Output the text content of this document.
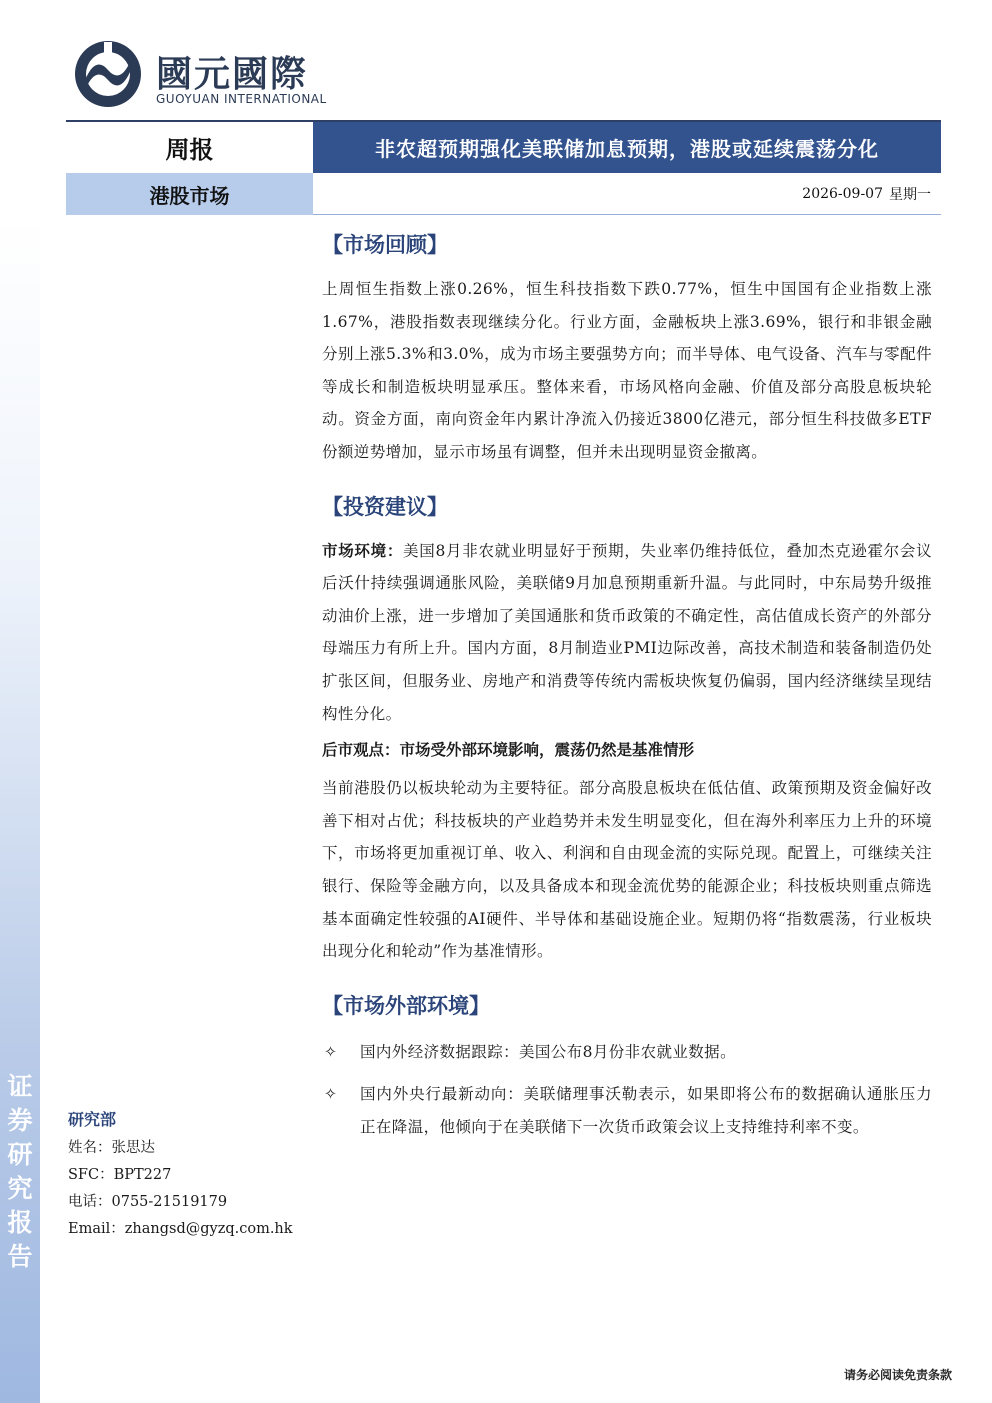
证
券
研
究
报
告
國元國際
GUOYUAN INTERNATIONAL
周报	非农超预期强化美联储加息预期，港股或延续震荡分化
港股市场	2026-09-07 星期一
【市场回顾】

上周恒生指数上涨0.26%，恒生科技指数下跌0.77%，恒生中国国有企业指数上涨1.67%，港股指数表现继续分化。行业方面，金融板块上涨3.69%，银行和非银金融分别上涨5.3%和3.0%，成为市场主要强势方向；而半导体、电气设备、汽车与零配件等成长和制造板块明显承压。整体来看，市场风格向金融、价值及部分高股息板块轮动。资金方面，南向资金年内累计净流入仍接近3800亿港元，部分恒生科技做多ETF份额逆势增加，显示市场虽有调整，但并未出现明显资金撤离。

【投资建议】

市场环境：美国8月非农就业明显好于预期，失业率仍维持低位，叠加杰克逊霍尔会议后沃什持续强调通胀风险，美联储9月加息预期重新升温。与此同时，中东局势升级推动油价上涨，进一步增加了美国通胀和货币政策的不确定性，高估值成长资产的外部分母端压力有所上升。国内方面，8月制造业PMI边际改善，高技术制造和装备制造仍处扩张区间，但服务业、房地产和消费等传统内需板块恢复仍偏弱，国内经济继续呈现结构性分化。

后市观点：市场受外部环境影响，震荡仍然是基准情形

当前港股仍以板块轮动为主要特征。部分高股息板块在低估值、政策预期及资金偏好改善下相对占优；科技板块的产业趋势并未发生明显变化，但在海外利率压力上升的环境下，市场将更加重视订单、收入、利润和自由现金流的实际兑现。配置上，可继续关注银行、保险等金融方向，以及具备成本和现金流优势的能源企业；科技板块则重点筛选基本面确定性较强的AI硬件、半导体和基础设施企业。短期仍将“指数震荡，行业板块出现分化和轮动”作为基准情形。

【市场外部环境】
✧ 国内外经济数据跟踪：美国公布8月份非农就业数据。
✧ 国内外央行最新动向：美联储理事沃勒表示，如果即将公布的数据确认通胀压力正在降温，他倾向于在美联储下一次货币政策会议上支持维持利率不变。
研究部
姓名：张思达
SFC：BPT227
电话：0755-21519179
Email：zhangsd@gyzq.com.hk
请务必阅读免责条款
